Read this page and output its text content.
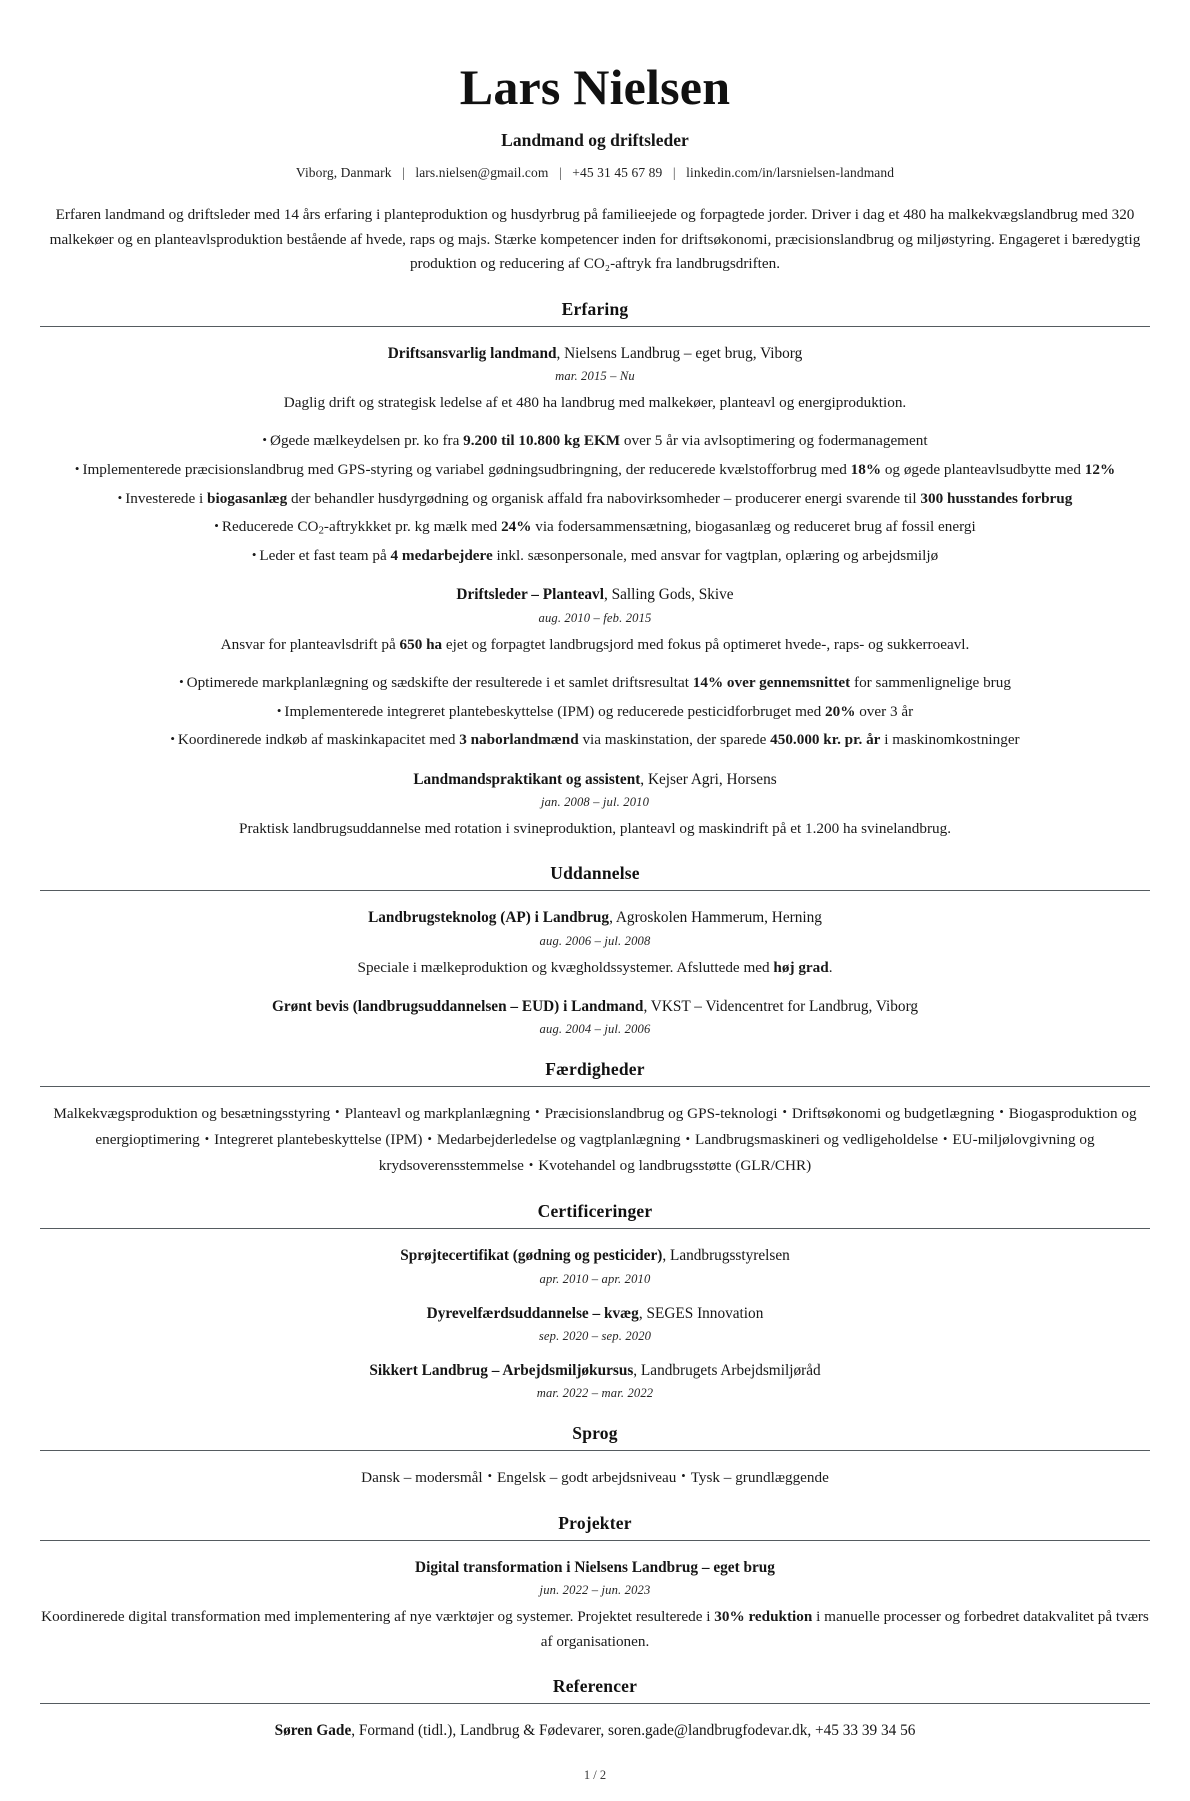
Lars Nielsen
Landmand og driftsleder
Viborg, Danmark | lars.nielsen@gmail.com | +45 31 45 67 89 | linkedin.com/in/larsnielsen-landmand

Erfaren landmand og driftsleder med 14 års erfaring i planteproduktion og husdyrbrug på familieejede og forpagtede jorder. Driver i dag et 480 ha malkekvægslandbrug med 320 malkekøer og en planteavlsproduktion bestående af hvede, raps og majs. Stærke kompetencer inden for driftsøkonomi, præcisionslandbrug og miljøstyring. Engageret i bæredygtig produktion og reducering af CO₂-aftryk fra landbrugsdriften.

Erfaring
Driftsansvarlig landmand, Nielsens Landbrug – eget brug, Viborg
mar. 2015 – Nu
Daglig drift og strategisk ledelse af et 480 ha landbrug med malkekøer, planteavl og energiproduktion.
• Øgede mælkeydelsen pr. ko fra 9.200 til 10.800 kg EKM over 5 år via avlsoptimering og fodermanagement
• Implementerede præcisionslandbrug med GPS-styring og variabel gødningsudbringning, der reducerede kvælstofforbrug med 18% og øgede planteavlsudbytte med 12%
• Investerede i biogasanlæg der behandler husdyrgødning og organisk affald fra nabovirksomheder – producerer energi svarende til 300 husstandes forbrug
• Reducerede $CO_2$-aftrykkket pr. kg mælk med 24% via fodersammensætning, biogasanlæg og reduceret brug af fossil energi
• Leder et fast team på 4 medarbejdere inkl. sæsonpersonale, med ansvar for vagtplan, oplæring og arbejdsmiljø
Driftsleder – Planteavl, Salling Gods, Skive
aug. 2010 – feb. 2015
Ansvar for planteavlsdrift på 650 ha ejet og forpagtet landbrugsjord med fokus på optimeret hvede-, raps- og sukkerroeavl.
• Optimerede markplanlægning og sædskifte der resulterede i et samlet driftsresultat 14% over gennemsnittet for sammenlignelige brug
• Implementerede integreret plantebeskyttelse (IPM) og reducerede pesticidforbruget med 20% over 3 år
• Koordinerede indkøb af maskinkapacitet med 3 naborlandmænd via maskinstation, der sparede 450.000 kr. pr. år i maskinomkostninger
Landmandspraktikant og assistent, Kejser Agri, Horsens
jan. 2008 – jul. 2010
Praktisk landbrugsuddannelse med rotation i svineproduktion, planteavl og maskindrift på et 1.200 ha svinelandbrug.
Uddannelse
Landbrugsteknolog (AP) i Landbrug, Agroskolen Hammerum, Herning
aug. 2006 – jul. 2008
Speciale i mælkeproduktion og kvægholdssystemer. Afsluttede med høj grad.
Grønt bevis (landbrugsuddannelsen – EUD) i Landmand, VKST – Videncentret for Landbrug, Viborg
aug. 2004 – jul. 2006
Færdigheder
Malkekvægsproduktion og besætningsstyring • Planteavl og markplanlægning • Præcisionslandbrug og GPS-teknologi • Driftsøkonomi og budgetlægning • Biogasproduktion og energioptimering • Integreret plantebeskyttelse (IPM) • Medarbejderledelse og vagtplanlægning • Landbrugsmaskineri og vedligeholdelse • EU-miljølovgivning og krydsoverensstemmelse • Kvotehandel og landbrugsstøtte (GLR/CHR)
Certificeringer
Sprøjtecertifikat (gødning og pesticider), Landbrugsstyrelsen
apr. 2010 – apr. 2010
Dyrevelfærdsuddannelse – kvæg, SEGES Innovation
sep. 2020 – sep. 2020
Sikkert Landbrug – Arbejdsmiljøkursus, Landbrugets Arbejdsmiljøråd
mar. 2022 – mar. 2022
Sprog
Dansk – modersmål • Engelsk – godt arbejdsniveau • Tysk – grundlæggende
Projekter
Digital transformation i Nielsens Landbrug – eget brug
jun. 2022 – jun. 2023
Koordinerede digital transformation med implementering af nye værktøjer og systemer. Projektet resulterede i 30% reduktion i manuelle processer og forbedret datakvalitet på tværs af organisationen.
Referencer
Søren Gade, Formand (tidl.), Landbrug & Fødevarer, soren.gade@landbrugfodevar.dk, +45 33 39 34 56
1 / 2
